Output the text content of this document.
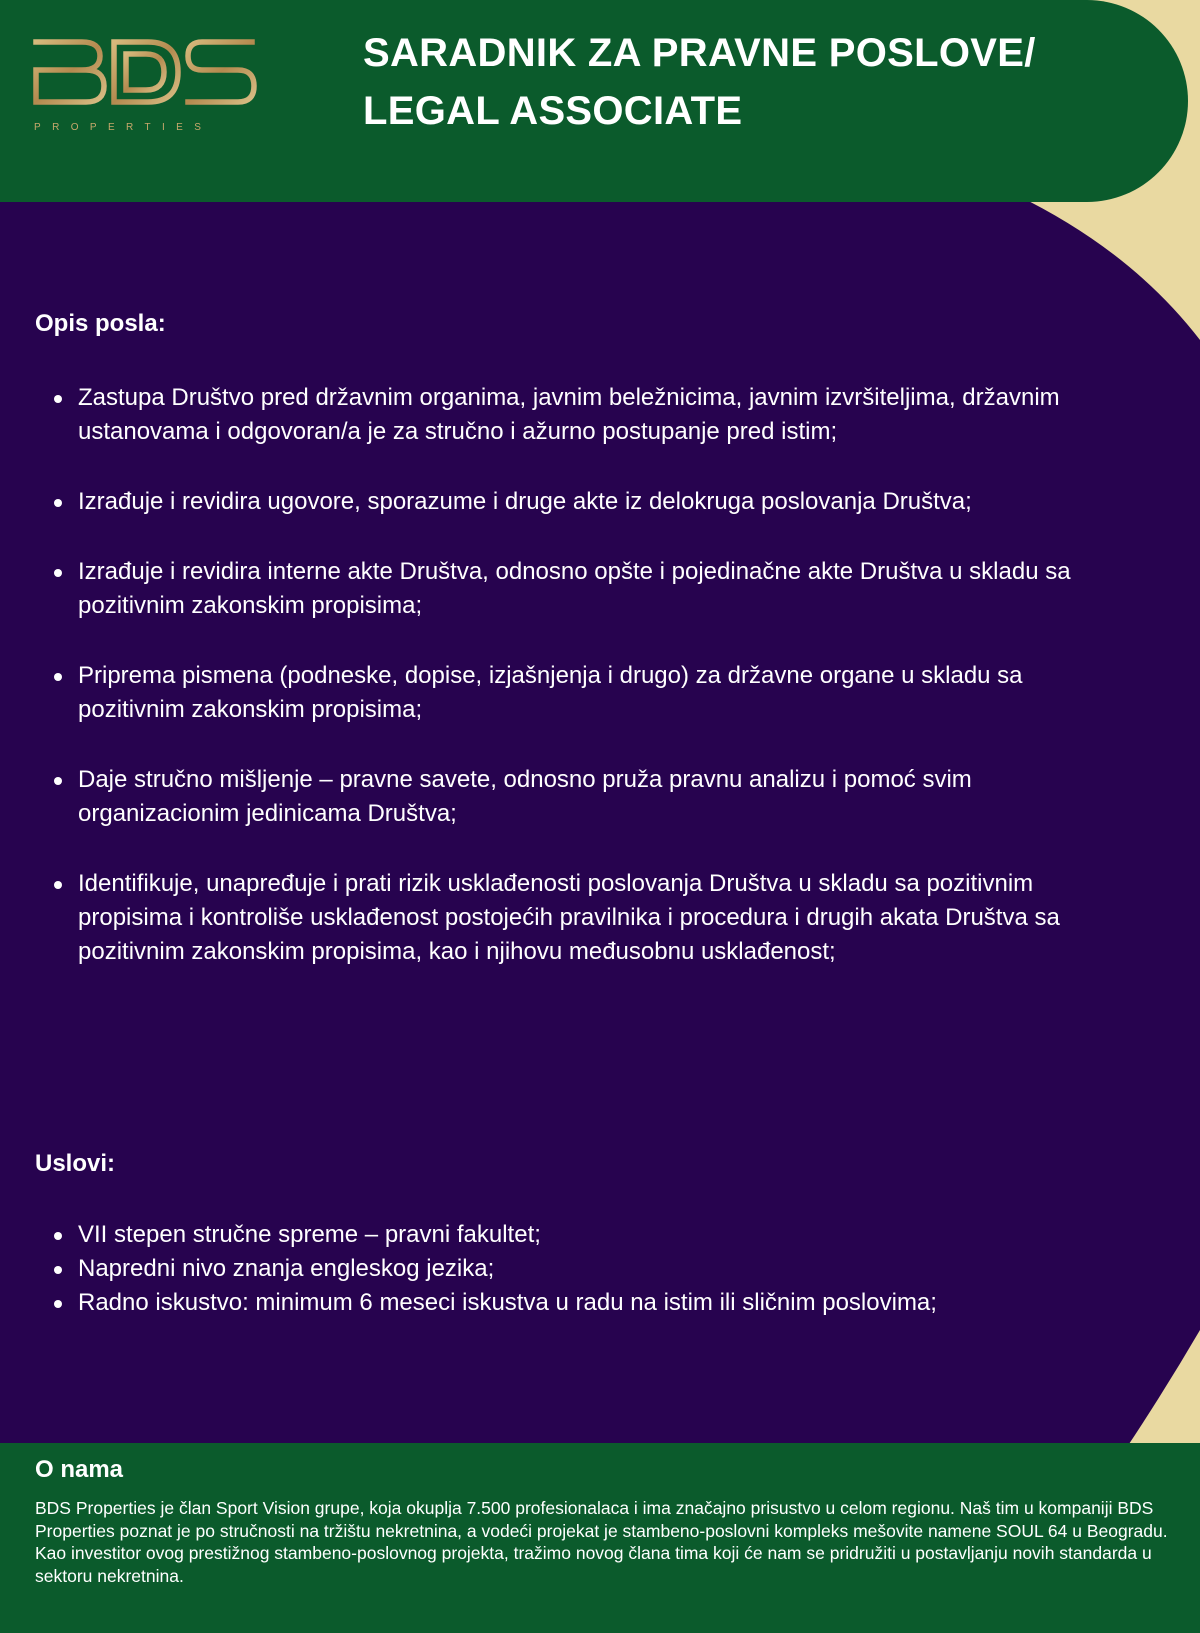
PROPERTIES
SARADNIK ZA PRAVNE POSLOVE/
LEGAL ASSOCIATE
Opis posla:
Zastupa Društvo pred državnim organima, javnim beležnicima, javnim izvršiteljima, državnim ustanovama i odgovoran/a je za stručno i ažurno postupanje pred istim;
Izrađuje i revidira ugovore, sporazume i druge akte iz delokruga poslovanja Društva;
Izrađuje i revidira interne akte Društva, odnosno opšte i pojedinačne akte Društva u skladu sa pozitivnim zakonskim propisima;
Priprema pismena (podneske, dopise, izjašnjenja i drugo) za državne organe u skladu sa pozitivnim zakonskim propisima;
Daje stručno mišljenje – pravne savete, odnosno pruža pravnu analizu i pomoć svim organizacionim jedinicama Društva;
Identifikuje, unapređuje i prati rizik usklađenosti poslovanja Društva u skladu sa pozitivnim propisima i kontroliše usklađenost postojećih pravilnika i procedura i drugih akata Društva sa pozitivnim zakonskim propisima, kao i njihovu međusobnu usklađenost;
Uslovi:
VII stepen stručne spreme – pravni fakultet;
Napredni nivo znanja engleskog jezika;
Radno iskustvo: minimum 6 meseci iskustva u radu na istim ili sličnim poslovima;
O nama

BDS Properties je član Sport Vision grupe, koja okuplja 7.500 profesionalaca i ima značajno prisustvo u celom regionu. Naš tim u kompaniji BDS Properties poznat je po stručnosti na tržištu nekretnina, a vodeći projekat je stambeno-poslovni kompleks mešovite namene SOUL 64 u Beogradu. Kao investitor ovog prestižnog stambeno-poslovnog projekta, tražimo novog člana tima koji će nam se pridružiti u postavljanju novih standarda u sektoru nekretnina.
